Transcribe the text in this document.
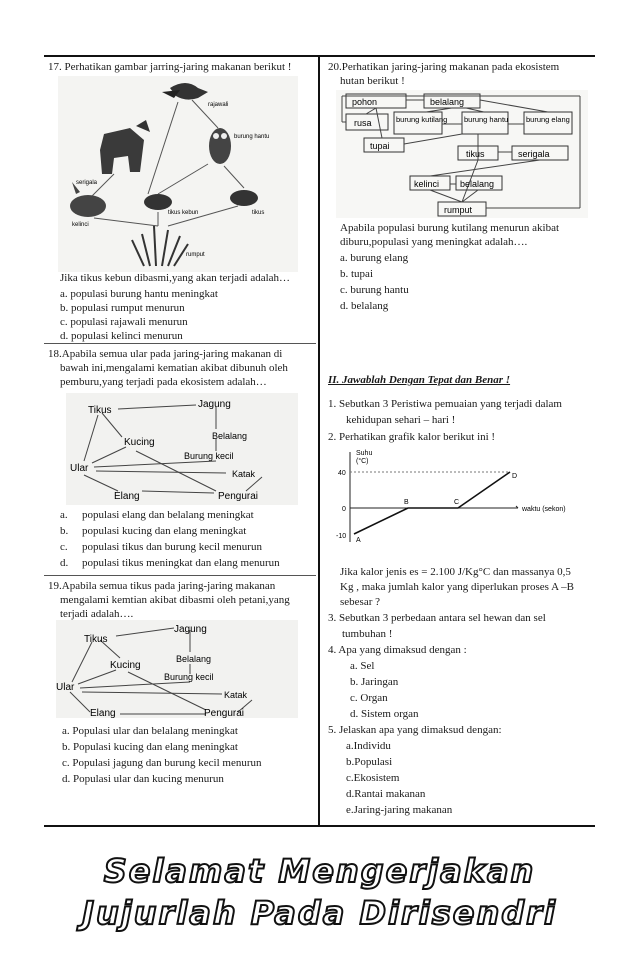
17. Perhatikan gambar jarring-jaring makanan berikut !
rajawali
burung hantu
serigala
kelinci
tikus kebun	tikus
rumput
Jika tikus kebun dibasmi,yang akan terjadi adalah…
a. populasi burung hantu meningkat
b. populasi rumput menurun
c. populasi rajawali menurun
d. populasi kelinci menurun
18.Apabila semua ular pada jaring-jaring makanan di
bawah ini,mengalami kematian akibat dibunuh oleh
pemburu,yang terjadi pada ekosistem adalah…
Tikus
Jagung
Kucing
Belalang
Burung kecil
Ular	Katak
Elang	Pengurai
a. populasi elang dan belalang meningkat
b. populasi kucing dan elang meningkat
c. populasi tikus dan burung kecil menurun
d. populasi tikus meningkat dan elang menurun
19.Apabila semua tikus pada jaring-jaring makanan
mengalami kemtian akibat dibasmi oleh petani,yang
terjadi adalah….
Tikus
Jagung
Kucing
Belalang
Burung kecil
Ular
Katak
Elang	Pengurai
a. Populasi ular dan belalang meningkat
b. Populasi kucing dan elang meningkat
c. Populasi jagung dan burung kecil menurun
d. Populasi ular dan kucing menurun
20.Perhatikan jaring-jaring makanan pada ekosistem
hutan berikut !
pohon	belalang
rusa	burung kutilang burung hantu burung elang
tupai
tikus	serigala
kelinci belalang
rumput
Apabila populasi burung kutilang menurun akibat
diburu,populasi yang meningkat adalah….
a. burung elang
b. tupai
c. burung hantu
d. belalang
II. Jawablah Dengan Tepat dan Benar !
1. Sebutkan 3 Peristiwa pemuaian yang terjadi dalam
kehidupan sehari – hari !
2. Perhatikan grafik kalor berikut ini !
Suhu
(°C)
waktu (sekon)
40
0
-10
A
B	C
D
Jika kalor jenis es = 2.100 J/Kg°C dan massanya 0,5
Kg , maka jumlah kalor yang diperlukan proses A –B
sebesar ?
3. Sebutkan 3 perbedaan antara sel hewan dan sel
tumbuhan !
4. Apa yang dimaksud dengan :
a. Sel
b. Jaringan
c. Organ
d. Sistem organ
5. Jelaskan apa yang dimaksud dengan:
a.Individu
b.Populasi
c.Ekosistem
d.Rantai makanan
e.Jaring-jaring makanan
Selamat Mengerjakan
Jujurlah Pada Dirisendri
